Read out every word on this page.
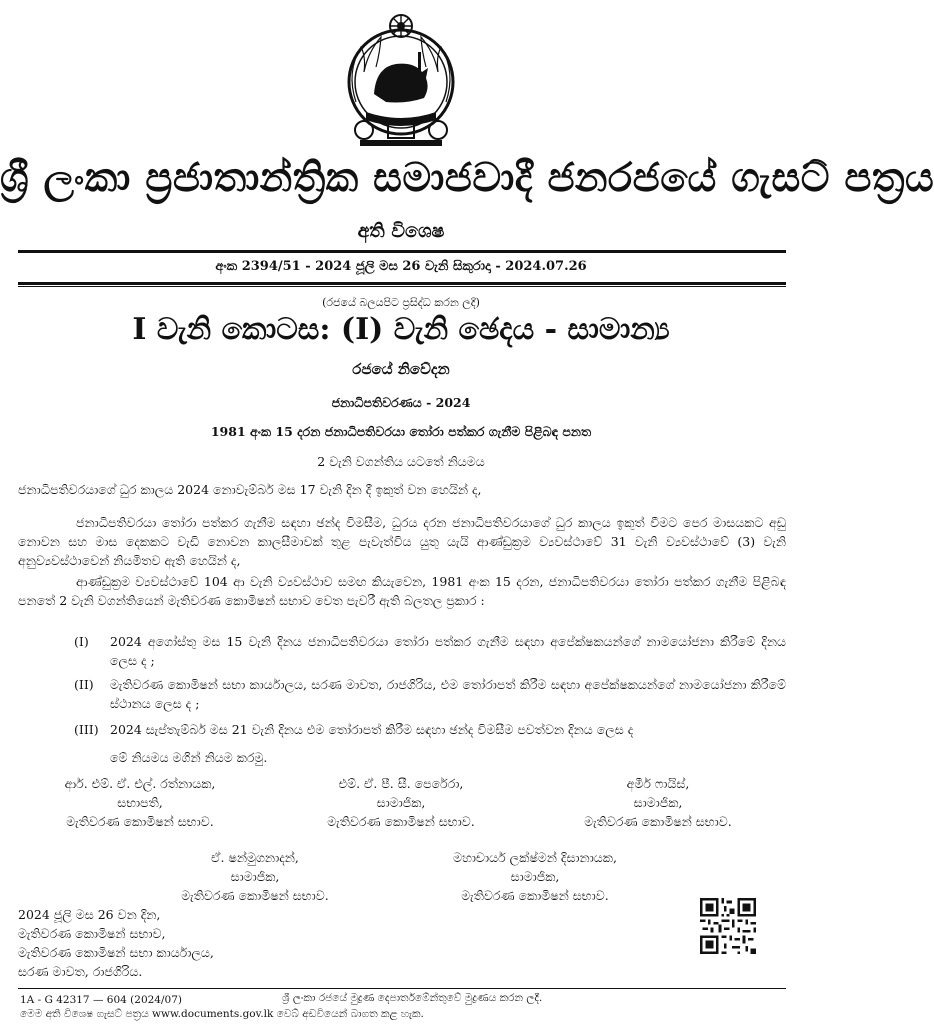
ශ්‍රී ලංකා ප්‍රජාතාන්ත්‍රික සමාජවාදී ජනරජයේ ගැසට් පත්‍රය
අති විශෙෂ
අංක 2394/51 - 2024 ජූලි මස 26 වැනි සිකුරාදා - 2024.07.26
(රජයේ බලයපිට ප්‍රසිද්ධ කරන ලදී)
I වැනි කොටස: (I) වැනි ඡෙදය - සාමාන්‍ය
රජයේ නිවේදන
ජනාධිපතිවරණය - 2024
1981 අංක 15 දරන ජනාධිපතිවරයා තෝරා පත්කර ගැනීම පිළිබඳ පනත
2 වැනි වගන්තිය යටතේ නියමය
ජනාධිපතිවරයාගේ ධුර කාලය 2024 නොවැම්බර් මස 17 වැනි දින දී ඉකුත් වන හෙයින් ද,
ජනාධිපතිවරයා තෝරා පත්කර ගැනීම සඳහා ඡන්ද විමසීම, ධුරය දරන ජනාධිපතිවරයාගේ ධුර කාලය ඉකුත් වීමට පෙර මාසයකට අඩු නොවන සහ මාස දෙකකට වැඩි නොවන කාලසීමාවක් තුළ පැවැත්විය යුතු යැයි ආණ්ඩුක්‍රම ව්‍යවස්ථාවේ 31 වැනි ව්‍යවස්ථාවේ (3) වැනි අනුව්‍යවස්ථාවෙන් නියමිතව ඇති හෙයින් ද,
ආණ්ඩුක්‍රම ව්‍යවස්ථාවේ 104 ආ වැනි ව්‍යවස්ථාව සමඟ කියැවෙන, 1981 අංක 15 දරන, ජනාධිපතිවරයා තෝරා පත්කර ගැනීම පිළිබඳ පනතේ 2 වැනි වගන්තියෙන් මැතිවරණ කොමිෂන් සභාව වෙත පැවරී ඇති බලතල ප්‍රකාර :
(I)	2024 අගෝස්තු මස 15 වැනි දිනය ජනාධිපතිවරයා තෝරා පත්කර ගැනීම සඳහා අපේක්ෂකයන්ගේ නාමයෝජනා කිරීමේ දිනය ලෙස ද ;
(II)	මැතිවරණ කොමිෂන් සභා කාර්යාලය, සරණ මාවත, රාජගිරිය, එම තෝරාපත් කිරීම සඳහා අපේක්ෂකයන්ගේ නාමයෝජනා කිරීමේ ස්ථානය ලෙස ද ;
(III) 2024 සැප්තැම්බර් මස 21 වැනි දිනය එම තෝරාපත් කිරීම සඳහා ඡන්ද විමසීම පවත්වන දිනය ලෙස ද
මේ නියමය මගින් නියම කරමු.
ආර්. එම්. ඒ. එල්. රත්නායක,
සභාපති,
මැතිවරණ කොමිෂන් සභාව.
එම්. ඒ. පී. සී. පෙරේරා,
සාමාජික,
මැතිවරණ කොමිෂන් සභාව.
අමීර් ෆායිස්,
සාමාජික,
මැතිවරණ කොමිෂන් සභාව.
ඒ. ෂන්මුගනාදන්,
සාමාජික,
මැතිවරණ කොමිෂන් සභාව.
මහාචාර්ය ලක්ෂ්මන් දිසානායක,
සාමාජික,
මැතිවරණ කොමිෂන් සභාව.
2024 ජූලි මස 26 වන දින,
මැතිවරණ කොමිෂන් සභාව,
මැතිවරණ කොමිෂන් සභා කාර්යාලය,
සරණ මාවත, රාජගිරිය.
1A - G 42317 — 604 (2024/07)	ශ්‍රී ලංකා රජයේ මුද්‍රණ දෙපාර්තමේන්තුවේ මුද්‍රණය කරන ලදී.
මෙම අති විශෙෂ ගැසට් පත්‍රය www.documents.gov.lk වෙබ් අඩවියෙන් බාගත කළ හැක.
